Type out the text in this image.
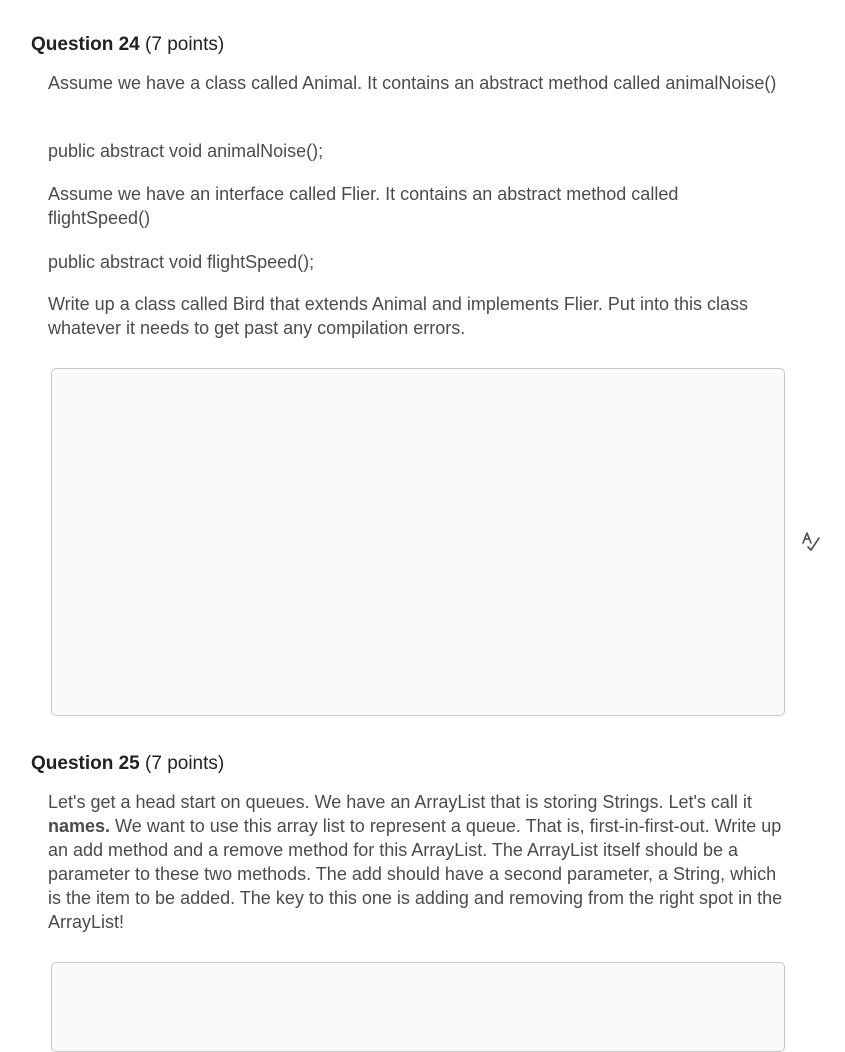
Question 24 (7 points)

Assume we have a class called Animal. It contains an abstract method called animalNoise()

public abstract void animalNoise();

Assume we have an interface called Flier. It contains an abstract method called flightSpeed()

public abstract void flightSpeed();

Write up a class called Bird that extends Animal and implements Flier. Put into this class whatever it needs to get past any compilation errors.

Question 25 (7 points)

Let's get a head start on queues. We have an ArrayList that is storing Strings. Let's call it names. We want to use this array list to represent a queue. That is, first-in-first-out. Write up an add method and a remove method for this ArrayList. The ArrayList itself should be a parameter to these two methods. The add should have a second parameter, a String, which is the item to be added. The key to this one is adding and removing from the right spot in the ArrayList!
